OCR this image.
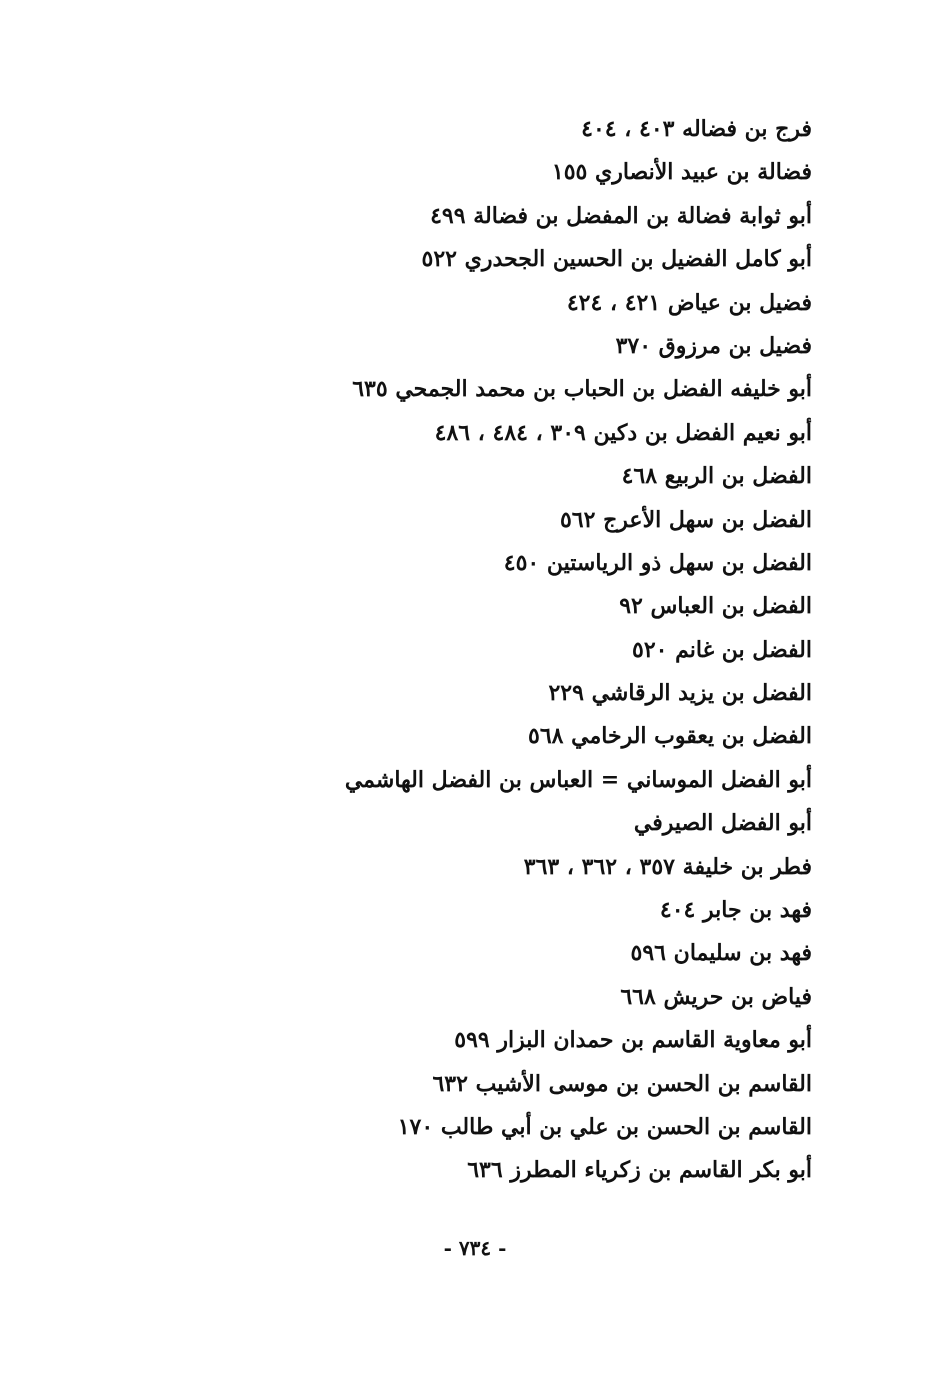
فرج بن فضاله ٤٠٣ ، ٤٠٤
فضالة بن عبيد الأنصاري ١٥٥
أبو ثوابة فضالة بن المفضل بن فضالة ٤٩٩
أبو كامل الفضيل بن الحسين الجحدري ٥٢٢
فضيل بن عياض ٤٢١ ، ٤٢٤
فضيل بن مرزوق ٣٧٠
أبو خليفه الفضل بن الحباب بن محمد الجمحي ٦٣٥
أبو نعيم الفضل بن دكين ٣٠٩ ، ٤٨٤ ، ٤٨٦
الفضل بن الربيع ٤٦٨
الفضل بن سهل الأعرج ٥٦٢
الفضل بن سهل ذو الرياستين ٤٥٠
الفضل بن العباس ٩٢
الفضل بن غانم ٥٢٠
الفضل بن يزيد الرقاشي ٢٢٩
الفضل بن يعقوب الرخامي ٥٦٨
أبو الفضل الموساني = العباس بن الفضل الهاشمي
أبو الفضل الصيرفي
فطر بن خليفة ٣٥٧ ، ٣٦٢ ، ٣٦٣
فهد بن جابر ٤٠٤
فهد بن سليمان ٥٩٦
فياض بن حريش ٦٦٨
أبو معاوية القاسم بن حمدان البزار ٥٩٩
القاسم بن الحسن بن موسى الأشيب ٦٣٢
القاسم بن الحسن بن علي بن أبي طالب ١٧٠
أبو بكر القاسم بن زكرياء المطرز ٦٣٦
- ٧٣٤ -
